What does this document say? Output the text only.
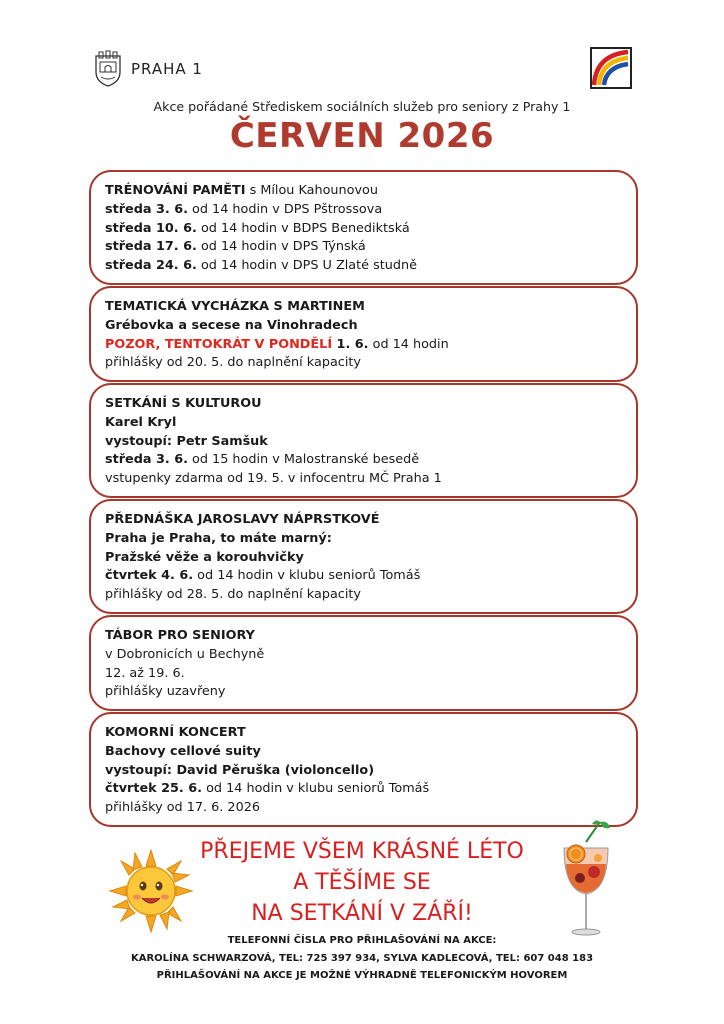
PRAHA 1
Akce pořádané Střediskem sociálních služeb pro seniory z Prahy 1
ČERVEN 2026
TRÉNOVÁNÍ PAMĚTI s Mílou Kahounovou
středa 3. 6. od 14 hodin v DPS Pštrossova
středa 10. 6. od 14 hodin v BDPS Benediktská
středa 17. 6. od 14 hodin v DPS Týnská
středa 24. 6. od 14 hodin v DPS U Zlaté studně
TEMATICKÁ VYCHÁZKA S MARTINEM
Grébovka a secese na Vinohradech
POZOR, TENTOKRÁT V PONDĚLÍ 1. 6. od 14 hodin
přihlášky od 20. 5. do naplnění kapacity
SETKÁNÍ S KULTUROU
Karel Kryl
vystoupí: Petr Samšuk
středa 3. 6. od 15 hodin v Malostranské besedě
vstupenky zdarma od 19. 5. v infocentru MČ Praha 1
PŘEDNÁŠKA JAROSLAVY NÁPRSTKOVÉ
Praha je Praha, to máte marný:
Pražské věže a korouhvičky
čtvrtek 4. 6. od 14 hodin v klubu seniorů Tomáš
přihlášky od 28. 5. do naplnění kapacity
TÁBOR PRO SENIORY
v Dobronicích u Bechyně
12. až 19. 6.
přihlášky uzavřeny
KOMORNÍ KONCERT
Bachovy cellové suity
vystoupí: David Pěruška (violoncello)
čtvrtek 25. 6. od 14 hodin v klubu seniorů Tomáš
přihlášky od 17. 6. 2026
PŘEJEME VŠEM KRÁSNÉ LÉTO
A TĚŠÍME SE
NA SETKÁNÍ V ZÁŘÍ!
TELEFONNÍ ČÍSLA PRO PŘIHLAŠOVÁNÍ NA AKCE:
KAROLÍNA SCHWARZOVÁ, TEL: 725 397 934, SYLVA KADLECOVÁ, TEL: 607 048 183
PŘIHLAŠOVÁNÍ NA AKCE JE MOŽNÉ VÝHRADNĚ TELEFONICKÝM HOVOREM
